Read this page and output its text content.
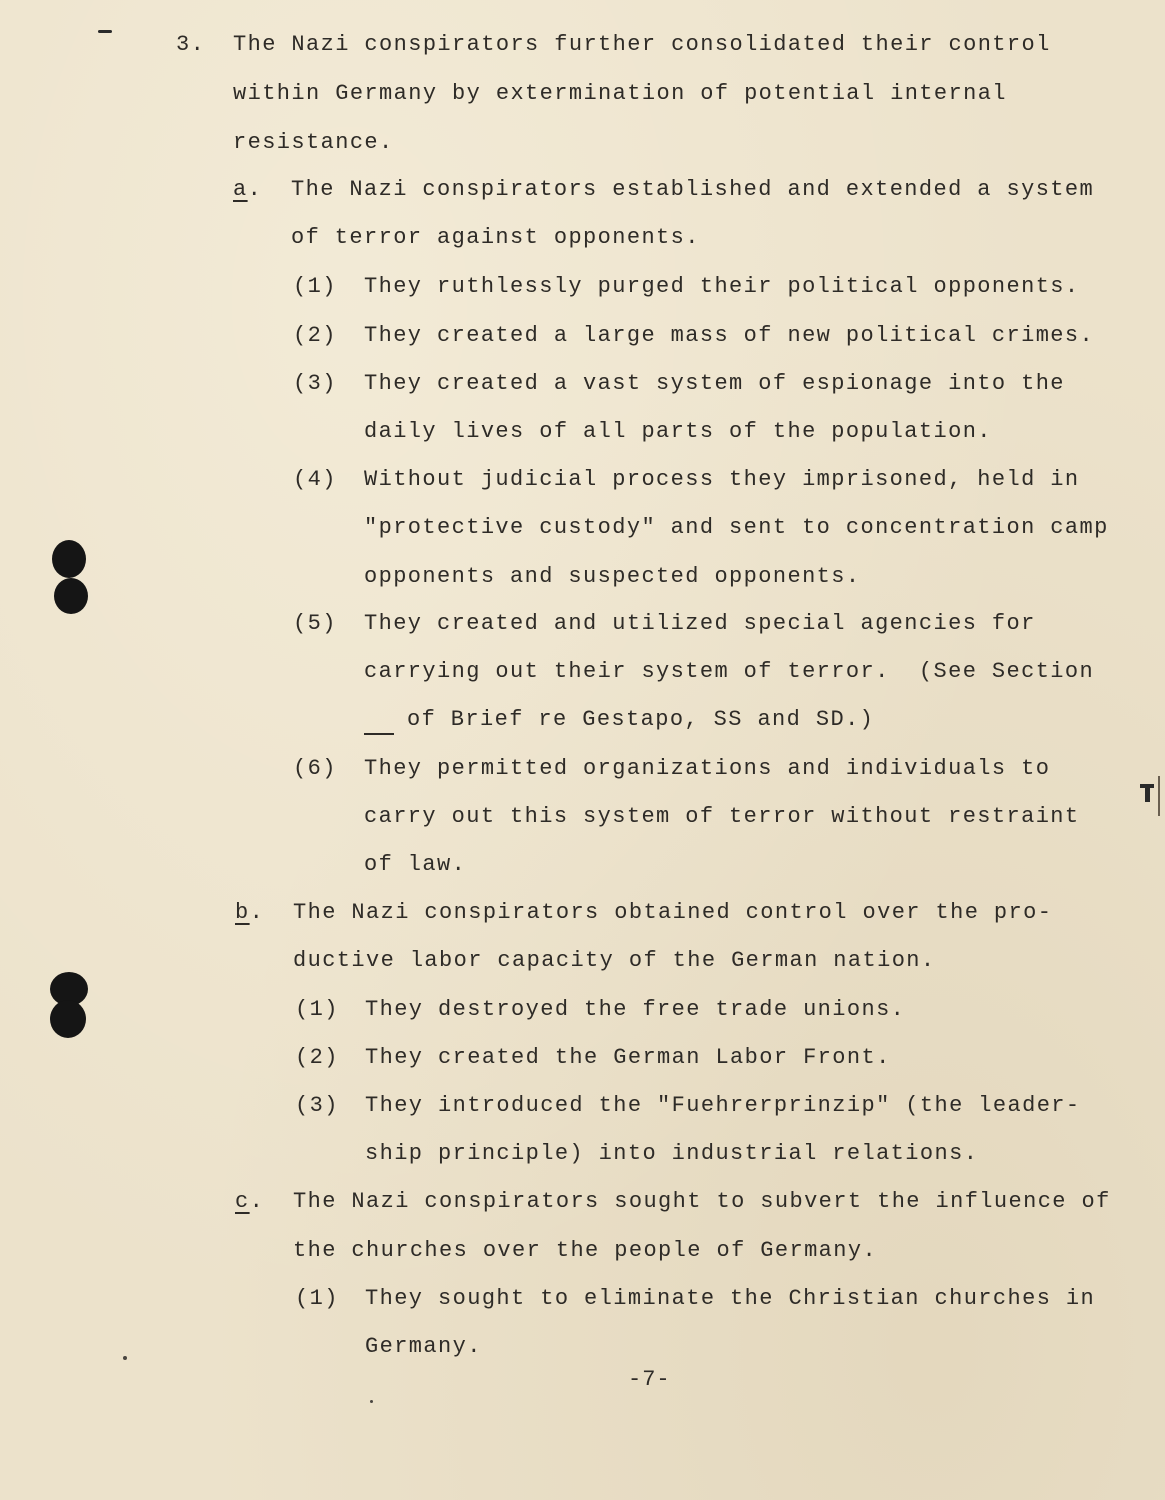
3. The Nazi conspirators further consolidated their control
within Germany by extermination of potential internal
resistance.
a. The Nazi conspirators established and extended a system
of terror against opponents.
(1) They ruthlessly purged their political opponents.
(2) They created a large mass of new political crimes.
(3) They created a vast system of espionage into the
daily lives of all parts of the population.
(4) Without judicial process they imprisoned, held in
"protective custody" and sent to concentration camp
opponents and suspected opponents.
(5) They created and utilized special agencies for
carrying out their system of terror.  (See Section
of Brief re Gestapo, SS and SD.)
(6) They permitted organizations and individuals to
carry out this system of terror without restraint
of law.
b. The Nazi conspirators obtained control over the pro-
ductive labor capacity of the German nation.
(1) They destroyed the free trade unions.
(2) They created the German Labor Front.
(3) They introduced the "Fuehrerprinzip" (the leader-
ship principle) into industrial relations.
c. The Nazi conspirators sought to subvert the influence of
the churches over the people of Germany.
(1) They sought to eliminate the Christian churches in
Germany.
-7-
